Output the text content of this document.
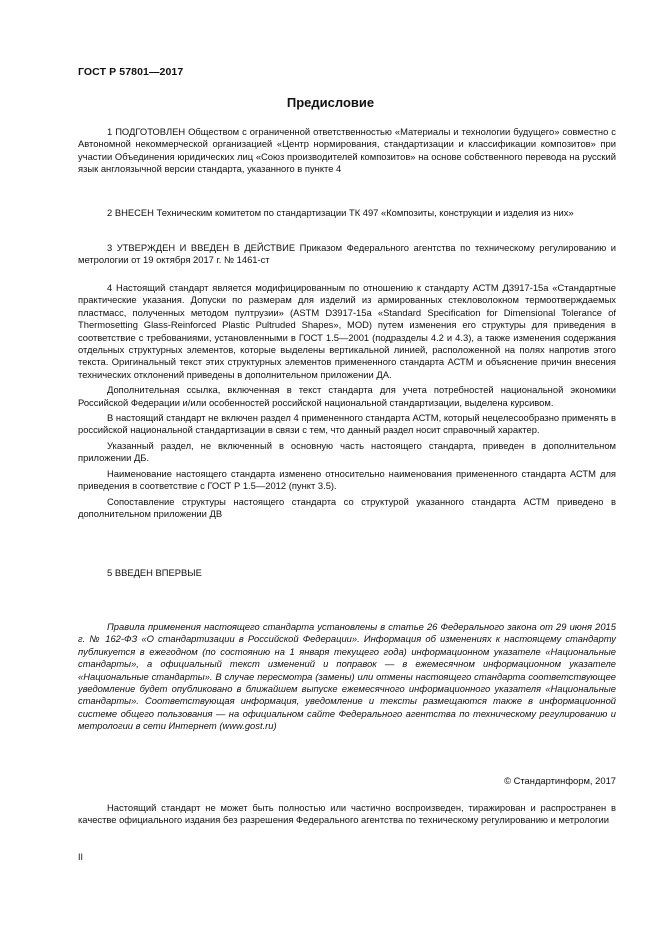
ГОСТ Р 57801—2017
Предисловие

1 ПОДГОТОВЛЕН Обществом с ограниченной ответственностью «Материалы и технологии будущего» совместно с Автономной некоммерческой организацией «Центр нормирования, стандартизации и классификации композитов» при участии Объединения юридических лиц «Союз производителей композитов» на основе собственного перевода на русский язык англоязычной версии стандарта, указанного в пункте 4

2 ВНЕСЕН Техническим комитетом по стандартизации ТК 497 «Композиты, конструкции и изделия из них»

3 УТВЕРЖДЕН И ВВЕДЕН В ДЕЙСТВИЕ Приказом Федерального агентства по техническому регулированию и метрологии от 19 октября 2017 г. № 1461-ст

4 Настоящий стандарт является модифицированным по отношению к стандарту АСТМ Д3917-15а «Стандартные практические указания. Допуски по размерам для изделий из армированных стекловолокном термоотверждаемых пластмасс, полученных методом пултрузии» (ASTM D3917-15a «Standard Specification for Dimensional Tolerance of Thermosetting Glass-Reinforced Plastic Pultruded Shapes», MOD) путем изменения его структуры для приведения в соответствие с требованиями, установленными в ГОСТ 1.5—2001 (подразделы 4.2 и 4.3), а также изменения содержания отдельных структурных элементов, которые выделены вертикальной линией, расположенной на полях напротив этого текста. Оригинальный текст этих структурных элементов примененного стандарта АСТМ и объяснение причин внесения технических отклонений приведены в дополнительном приложении ДА.

Дополнительная ссылка, включенная в текст стандарта для учета потребностей национальной экономики Российской Федерации и/или особенностей российской национальной стандартизации, выделена курсивом.

В настоящий стандарт не включен раздел 4 примененного стандарта АСТМ, который нецелесообразно применять в российской национальной стандартизации в связи с тем, что данный раздел носит справочный характер.

Указанный раздел, не включенный в основную часть настоящего стандарта, приведен в дополнительном приложении ДБ.

Наименование настоящего стандарта изменено относительно наименования примененного стандарта АСТМ для приведения в соответствие с ГОСТ Р 1.5—2012 (пункт 3.5).

Сопоставление структуры настоящего стандарта со структурой указанного стандарта АСТМ приведено в дополнительном приложении ДВ

5 ВВЕДЕН ВПЕРВЫЕ

Правила применения настоящего стандарта установлены в статье 26 Федерального закона от 29 июня 2015 г. № 162-ФЗ «О стандартизации в Российской Федерации». Информация об изменениях к настоящему стандарту публикуется в ежегодном (по состоянию на 1 января текущего года) информационном указателе «Национальные стандарты», а официальный текст изменений и поправок — в ежемесячном информационном указателе «Национальные стандарты». В случае пересмотра (замены) или отмены настоящего стандарта соответствующее уведомление будет опубликовано в ближайшем выпуске ежемесячного информационного указателя «Национальные стандарты». Соответствующая информация, уведомление и тексты размещаются также в информационной системе общего пользования — на официальном сайте Федерального агентства по техническому регулированию и метрологии в сети Интернет (www.gost.ru)

© Стандартинформ, 2017

Настоящий стандарт не может быть полностью или частично воспроизведен, тиражирован и распространен в качестве официального издания без разрешения Федерального агентства по техническому регулированию и метрологии

II
